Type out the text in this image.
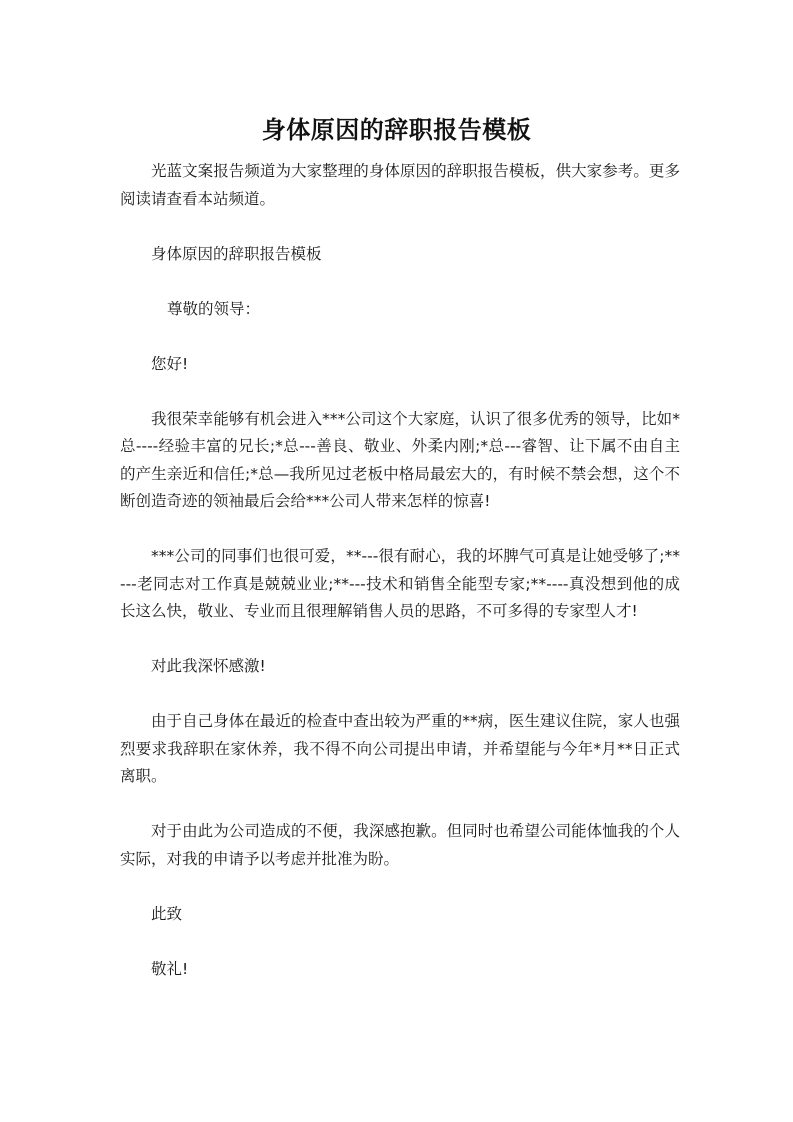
身体原因的辞职报告模板

光蓝文案报告频道为大家整理的身体原因的辞职报告模板，供大家参考。更多阅读请查看本站频道。

身体原因的辞职报告模板

尊敬的领导：

您好!

我很荣幸能够有机会进入***公司这个大家庭，认识了很多优秀的领导，比如*总----经验丰富的兄长;*总---善良、敬业、外柔内刚;*总---睿智、让下属不由自主的产生亲近和信任;*总—我所见过老板中格局最宏大的，有时候不禁会想，这个不断创造奇迹的领袖最后会给***公司人带来怎样的惊喜!

***公司的同事们也很可爱，**---很有耐心，我的坏脾气可真是让她受够了;**---老同志对工作真是兢兢业业;**---技术和销售全能型专家;**----真没想到他的成长这么快，敬业、专业而且很理解销售人员的思路，不可多得的专家型人才!

对此我深怀感激!

由于自己身体在最近的检查中查出较为严重的**病，医生建议住院，家人也强烈要求我辞职在家休养，我不得不向公司提出申请，并希望能与今年*月**日正式离职。

对于由此为公司造成的不便，我深感抱歉。但同时也希望公司能体恤我的个人实际，对我的申请予以考虑并批准为盼。

此致

敬礼!
